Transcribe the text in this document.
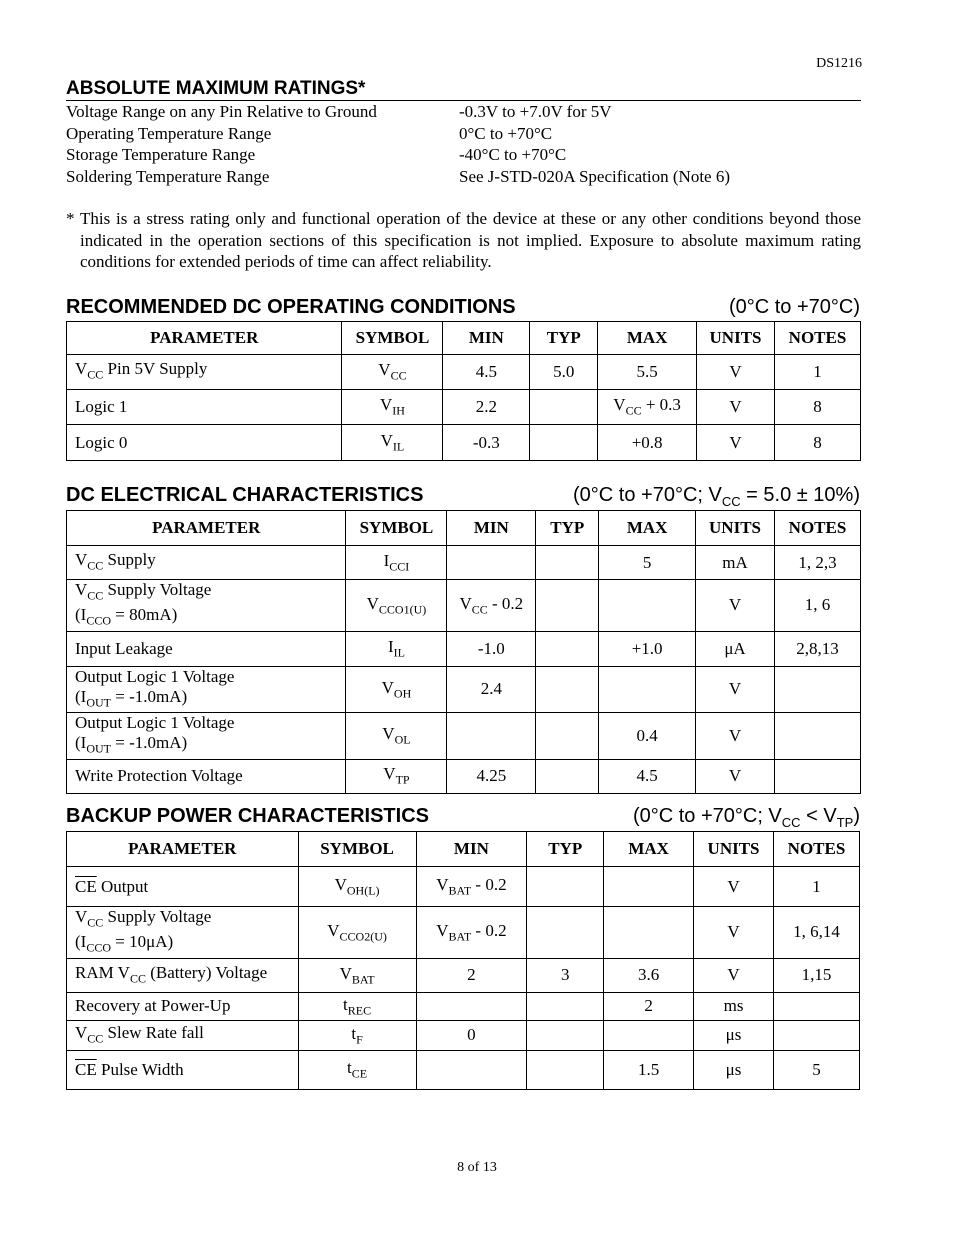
DS1216
ABSOLUTE MAXIMUM RATINGS*
Voltage Range on any Pin Relative to Ground	-0.3V to +7.0V for 5V
Operating Temperature Range	0°C to +70°C
Storage Temperature Range	-40°C to +70°C
Soldering Temperature Range	See J-STD-020A Specification (Note 6)
* This is a stress rating only and functional operation of the device at these or any other conditions beyond those indicated in the operation sections of this specification is not implied. Exposure to absolute maximum rating conditions for extended periods of time can affect reliability.
RECOMMENDED DC OPERATING CONDITIONS	(0°C to +70°C)
PARAMETER	SYMBOL	MIN	TYP	MAX	UNITS	NOTES
$V_{CC}$ Pin 5V Supply	$V_{CC}$	4.5	5.0	5.5	V	1
Logic 1	$V_{IH}$	2.2		$V_{CC} + 0.3$	V	8
Logic 0	$V_{IL}$	-0.3		+0.8	V	8
DC ELECTRICAL CHARACTERISTICS	(0°C to +70°C; $V_{CC} = 5.0 \pm 10\%$)
PARAMETER	SYMBOL	MIN	TYP	MAX	UNITS	NOTES
$V_{CC}$ Supply	$I_{CCI}$			5	mA	1, 2,3
$V_{CC}$ Supply Voltage
$(I_{CCO} = 80mA)$	$V_{CCO1(U)}$	$V_{CC} - 0.2$			V	1, 6
Input Leakage	$I_{IL}$	-1.0		+1.0	μA	2,8,13
Output Logic 1 Voltage
$(I_{OUT} = -1.0mA)$	$V_{OH}$	2.4			V	
Output Logic 1 Voltage
$(I_{OUT} = -1.0mA)$	$V_{OL}$			0.4	V	
Write Protection Voltage	$V_{TP}$	4.25		4.5	V	
BACKUP POWER CHARACTERISTICS	(0°C to +70°C; $V_{CC} < V_{TP}$)
PARAMETER	SYMBOL	MIN	TYP	MAX	UNITS	NOTES
$\overline{CE}$ Output	$V_{OH(L)}$	$V_{BAT} - 0.2$			V	1
$V_{CC}$ Supply Voltage
$(I_{CCO} = 10\mu A)$	$V_{CCO2(U)}$	$V_{BAT} - 0.2$			V	1, 6,14
RAM $V_{CC}$ (Battery) Voltage	$V_{BAT}$	2	3	3.6	V	1,15
Recovery at Power-Up	$t_{REC}$			2	ms	
$V_{CC}$ Slew Rate fall	$t_F$	0			μs	
$\overline{CE}$ Pulse Width	$t_{CE}$			1.5	μs	5
8 of 13
